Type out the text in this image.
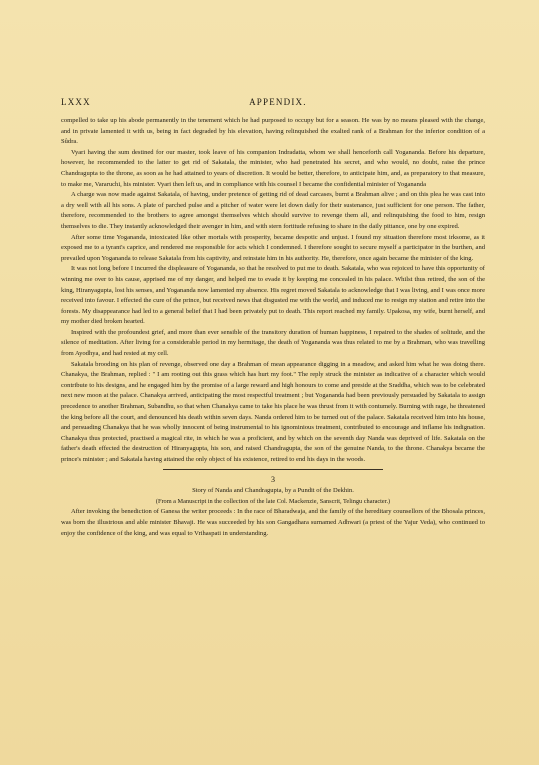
LXXX	APPENDIX.

compelled to take up his abode permanently in the tenement which he had purposed to occupy but for a season. He was by no means pleased with the change, and in private lamented it with us, being in fact degraded by his elevation, having relinquished the exalted rank of a Brahman for the inferior condition of a Sûdra.

Vyari having the sum destined for our master, took leave of his companion Indradatta, whom we shall henceforth call Yogananda. Before his departure, however, he recommended to the latter to get rid of Sakatala, the minister, who had penetrated his secret, and who would, no doubt, raise the prince Chandragupta to the throne, as soon as he had attained to years of discretion. It would be better, therefore, to anticipate him, and, as preparatory to that measure, to make me, Vararuchi, his minister. Vyari then left us, and in compliance with his counsel I became the confidential minister of Yogananda

A charge was now made against Sakatala, of having, under pretence of getting rid of dead carcases, burnt a Brahman alive ; and on this plea he was cast into a dry well with all his sons. A plate of parched pulse and a pitcher of water were let down daily for their sustenance, just sufficient for one person. The father, therefore, recommended to the brothers to agree amongst themselves which should survive to revenge them all, and relinquishing the food to him, resign themselves to die. They instantly acknowledged their avenger in him, and with stern fortitude refusing to share in the daily pittance, one by one expired.

After some time Yogananda, intoxicated like other mortals with prosperity, became despotic and unjust. I found my situation therefore most irksome, as it exposed me to a tyrant's caprice, and rendered me responsible for acts which I condemned. I therefore sought to secure myself a participator in the burthen, and prevailed upon Yogananda to release Sakatala from his captivity, and reinstate him in his authority. He, therefore, once again became the minister of the king.

It was not long before I incurred the displeasure of Yogananda, so that he resolved to put me to death. Sakatala, who was rejoiced to have this opportunity of winning me over to his cause, apprised me of my danger, and helped me to evade it by keeping me concealed in his palace. Whilst thus retired, the son of the king, Hiranyagupta, lost his senses, and Yogananda now lamented my absence. His regret moved Sakatala to acknowledge that I was living, and I was once more received into favour. I effected the cure of the prince, but received news that disgusted me with the world, and induced me to resign my station and retire into the forests. My disappearance had led to a general belief that I had been privately put to death. This report reached my family. Upakosa, my wife, burnt herself, and my mother died broken hearted.

Inspired with the profoundest grief, and more than ever sensible of the transitory duration of human happiness, I repaired to the shades of solitude, and the silence of meditation. After living for a considerable period in my hermitage, the death of Yogananda was thus related to me by a Brahman, who was travelling from Ayodhya, and had rested at my cell.

Sakatala brooding on his plan of revenge, observed one day a Brahman of mean appearance digging in a meadow, and asked him what he was doing there. Chanakya, the Brahman, replied : " I am rooting out this grass which has hurt my foot." The reply struck the minister as indicative of a character which would contribute to his designs, and he engaged him by the promise of a large reward and high honours to come and preside at the Sraddha, which was to be celebrated next new moon at the palace. Chanakya arrived, anticipating the most respectful treatment ; but Yogananda had been previously persuaded by Sakatala to assign precedence to another Brahman, Subandhu, so that when Chanakya came to take his place he was thrust from it with contumely. Burning with rage, he threatened the king before all the court, and denounced his death within seven days. Nanda ordered him to be turned out of the palace. Sakatala received him into his house, and persuading Chanakya that he was wholly innocent of being instrumental to his ignominious treatment, contributed to encourage and inflame his indignation. Chanakya thus protected, practised a magical rite, in which he was a proficient, and by which on the seventh day Nanda was deprived of life. Sakatala on the father's death effected the destruction of Hiranyagupta, his son, and raised Chandragupta, the son of the genuine Nanda, to the throne. Chanakya became the prince's minister ; and Sakatala having attained the only object of his existence, retired to end his days in the woods.

3

Story of Nanda and Chandragupta, by a Pundit of the Dekhin.

(From a Manuscript in the collection of the late Col. Mackenzie, Sanscrit, Telingu character.)

After invoking the benediction of Ganesa the writer proceeds : In the race of Bharadwaja, and the family of the hereditary counsellors of the Bhosala princes, was born the illustrious and able minister Bhavaji. He was succeeded by his son Gangadhara surnamed Adhwari (a priest of the Yajur Veda), who continued to enjoy the confidence of the king, and was equal to Vrihaspati in understanding.
